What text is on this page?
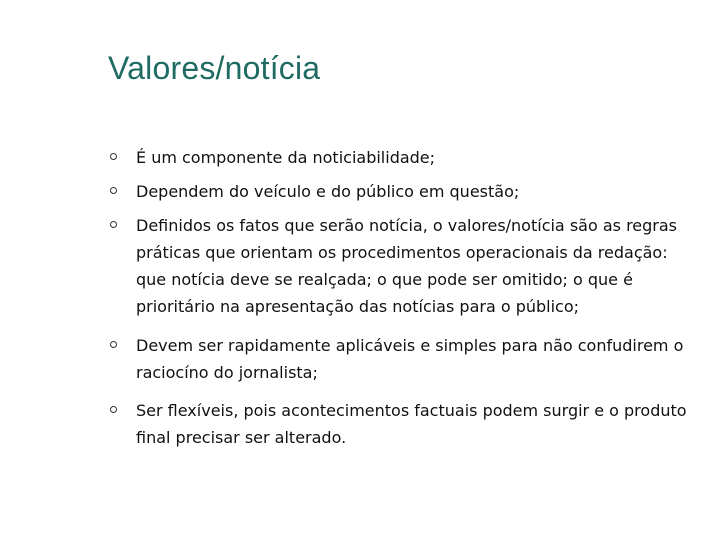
Valores/notícia
É um componente da noticiabilidade;
Dependem do veículo e do público em questão;
Definidos os fatos que serão notícia, o valores/notícia são as regras práticas que orientam os procedimentos operacionais da redação: que notícia deve se realçada; o que pode ser omitido; o que é prioritário na apresentação das notícias para o público;
Devem ser rapidamente aplicáveis e simples para não confudirem o raciocíno do jornalista;
Ser flexíveis, pois acontecimentos factuais podem surgir e o produto final precisar ser alterado.
